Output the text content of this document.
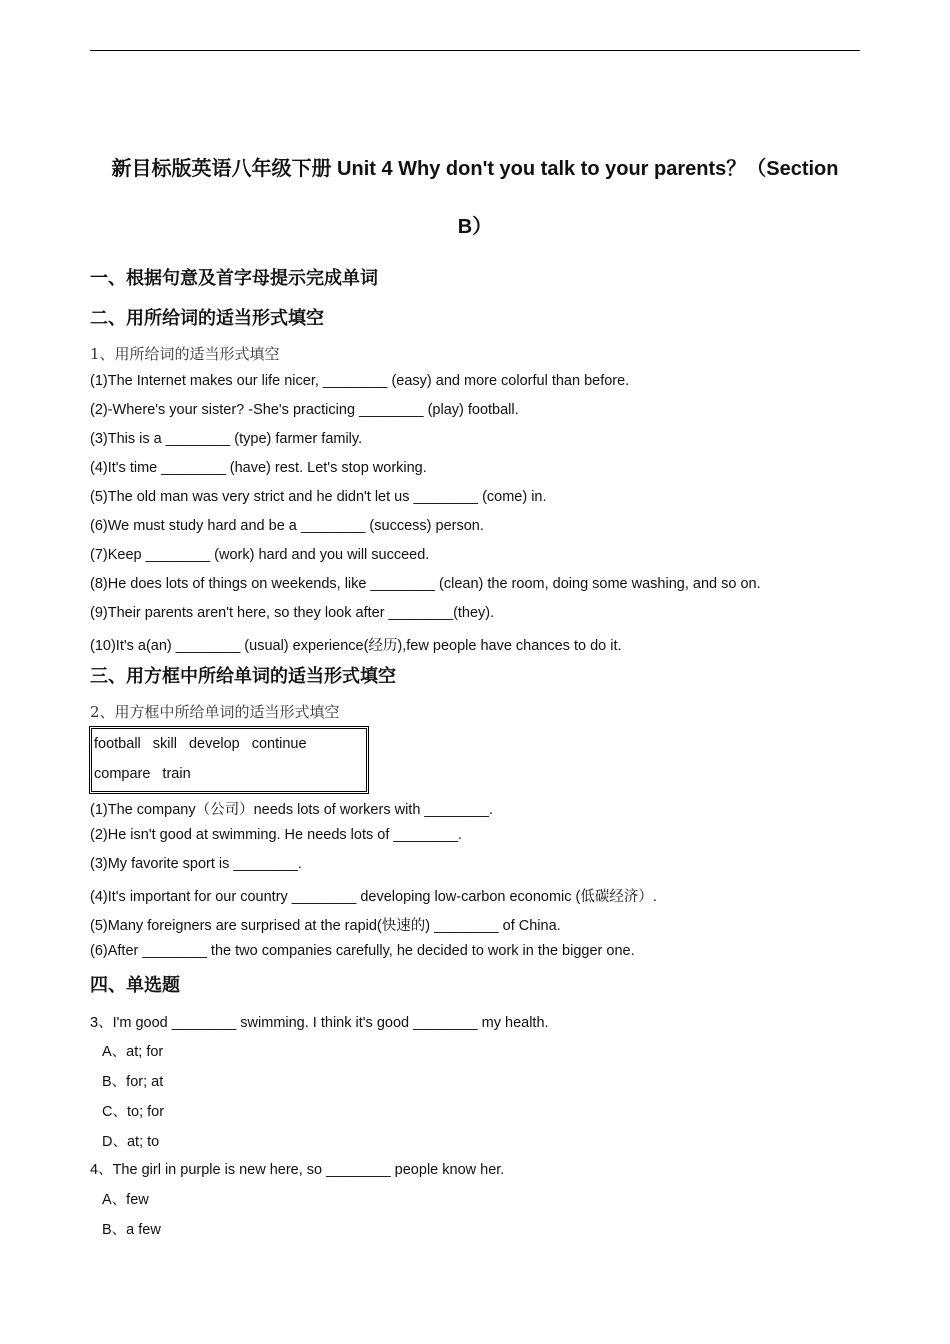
新目标版英语八年级下册 Unit 4 Why don't you talk to your parents？（Section
B）
一、根据句意及首字母提示完成单词
二、用所给词的适当形式填空
1、用所给词的适当形式填空
(1)The Internet makes our life nicer, ________ (easy) and more colorful than before.
(2)-Where's your sister? -She's practicing ________ (play) football.
(3)This is a ________ (type) farmer family.
(4)It's time ________ (have) rest. Let's stop working.
(5)The old man was very strict and he didn't let us ________ (come) in.
(6)We must study hard and be a ________ (success) person.
(7)Keep ________ (work) hard and you will succeed.
(8)He does lots of things on weekends, like ________ (clean) the room, doing some washing, and so on.
(9)Their parents aren't here, so they look after ________(they).
(10)It's a(an) ________ (usual) experience(经历),few people have chances to do it.
三、用方框中所给单词的适当形式填空
2、用方框中所给单词的适当形式填空
football skill develop continue
compare train
(1)The company（公司）needs lots of workers with ________.
(2)He isn't good at swimming. He needs lots of ________.
(3)My favorite sport is ________.
(4)It's important for our country ________ developing low-carbon economic (低碳经济）.
(5)Many foreigners are surprised at the rapid(快速的) ________ of China.
(6)After ________ the two companies carefully, he decided to work in the bigger one.
四、单选题
3、I'm good ________ swimming. I think it's good ________ my health.
A、at; for
B、for; at
C、to; for
D、at; to
4、The girl in purple is new here, so ________ people know her.
A、few
B、a few
